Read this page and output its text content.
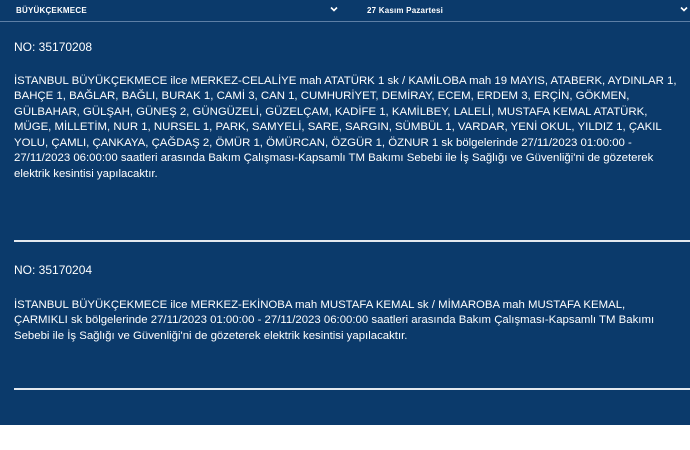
BÜYÜKÇEKMECE	27 Kasım Pazartesi

NO: 35170208

İSTANBUL BÜYÜKÇEKMECE ilce MERKEZ-CELALİYE mah ATATÜRK 1 sk / KAMİLOBA mah 19 MAYIS, ATABERK, AYDINLAR 1, BAHÇE 1, BAĞLAR, BAĞLI, BURAK 1, CAMİ 3, CAN 1, CUMHURİYET, DEMİRAY, ECEM, ERDEM 3, ERÇİN, GÖKMEN, GÜLBAHAR, GÜLŞAH, GÜNEŞ 2, GÜNGÜZELİ, GÜZELÇAM, KADİFE 1, KAMİLBEY, LALELİ, MUSTAFA KEMAL ATATÜRK, MÜGE, MİLLETİM, NUR 1, NURSEL 1, PARK, SAMYELİ, SARE, SARGIN, SÜMBÜL 1, VARDAR, YENİ OKUL, YILDIZ 1, ÇAKIL YOLU, ÇAMLI, ÇANKAYA, ÇAĞDAŞ 2, ÖMÜR 1, ÖMÜRCAN, ÖZGÜR 1, ÖZNUR 1 sk bölgelerinde 27/11/2023 01:00:00 - 27/11/2023 06:00:00 saatleri arasında Bakım Çalışması-Kapsamlı TM Bakımı Sebebi ile İş Sağlığı ve Güvenliği'ni de gözeterek elektrik kesintisi yapılacaktır.

NO: 35170204

İSTANBUL BÜYÜKÇEKMECE ilce MERKEZ-EKİNOBA mah MUSTAFA KEMAL sk / MİMAROBA mah MUSTAFA KEMAL, ÇARMIKLI sk bölgelerinde 27/11/2023 01:00:00 - 27/11/2023 06:00:00 saatleri arasında Bakım Çalışması-Kapsamlı TM Bakımı Sebebi ile İş Sağlığı ve Güvenliği'ni de gözeterek elektrik kesintisi yapılacaktır.
